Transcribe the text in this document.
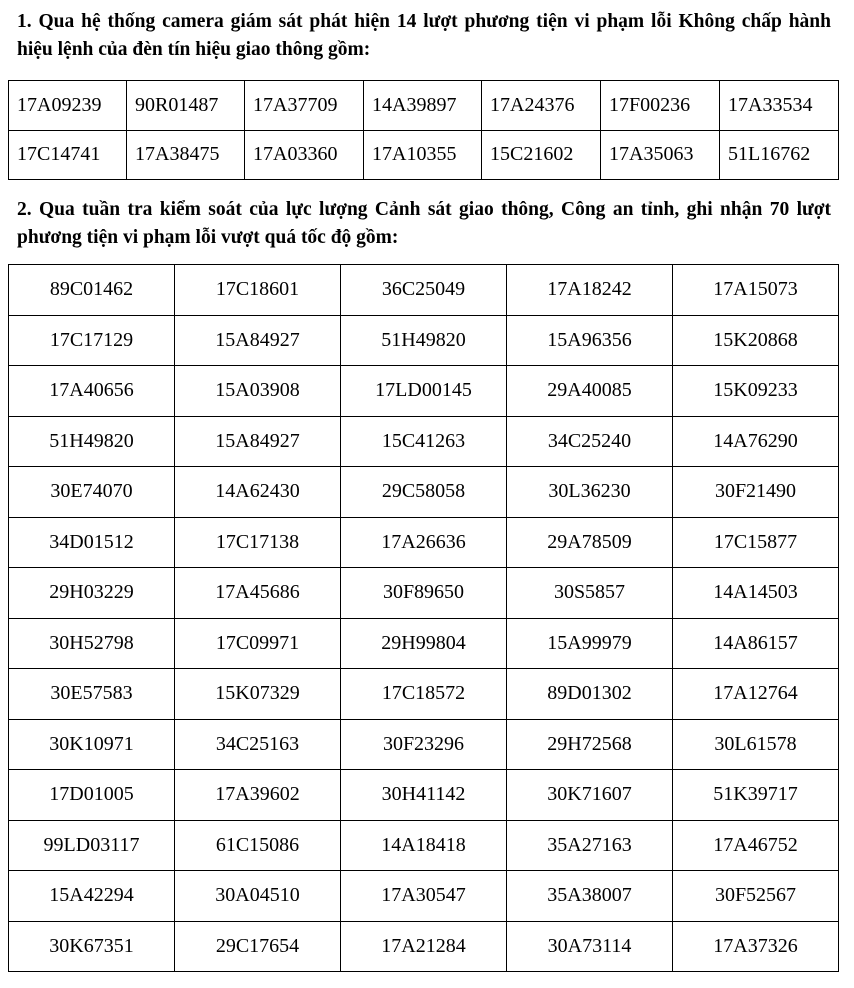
1. Qua hệ thống camera giám sát phát hiện 14 lượt phương tiện vi phạm lỗi Không chấp hành hiệu lệnh của đèn tín hiệu giao thông gồm:

17A09239	90R01487	17A37709	14A39897	17A24376	17F00236	17A33534
17C14741	17A38475	17A03360	17A10355	15C21602	17A35063	51L16762

2. Qua tuần tra kiểm soát của lực lượng Cảnh sát giao thông, Công an tỉnh, ghi nhận 70 lượt phương tiện vi phạm lỗi vượt quá tốc độ gồm:

89C01462	17C18601	36C25049	17A18242	17A15073
17C17129	15A84927	51H49820	15A96356	15K20868
17A40656	15A03908	17LD00145	29A40085	15K09233
51H49820	15A84927	15C41263	34C25240	14A76290
30E74070	14A62430	29C58058	30L36230	30F21490
34D01512	17C17138	17A26636	29A78509	17C15877
29H03229	17A45686	30F89650	30S5857	14A14503
30H52798	17C09971	29H99804	15A99979	14A86157
30E57583	15K07329	17C18572	89D01302	17A12764
30K10971	34C25163	30F23296	29H72568	30L61578
17D01005	17A39602	30H41142	30K71607	51K39717
99LD03117	61C15086	14A18418	35A27163	17A46752
15A42294	30A04510	17A30547	35A38007	30F52567
30K67351	29C17654	17A21284	30A73114	17A37326
